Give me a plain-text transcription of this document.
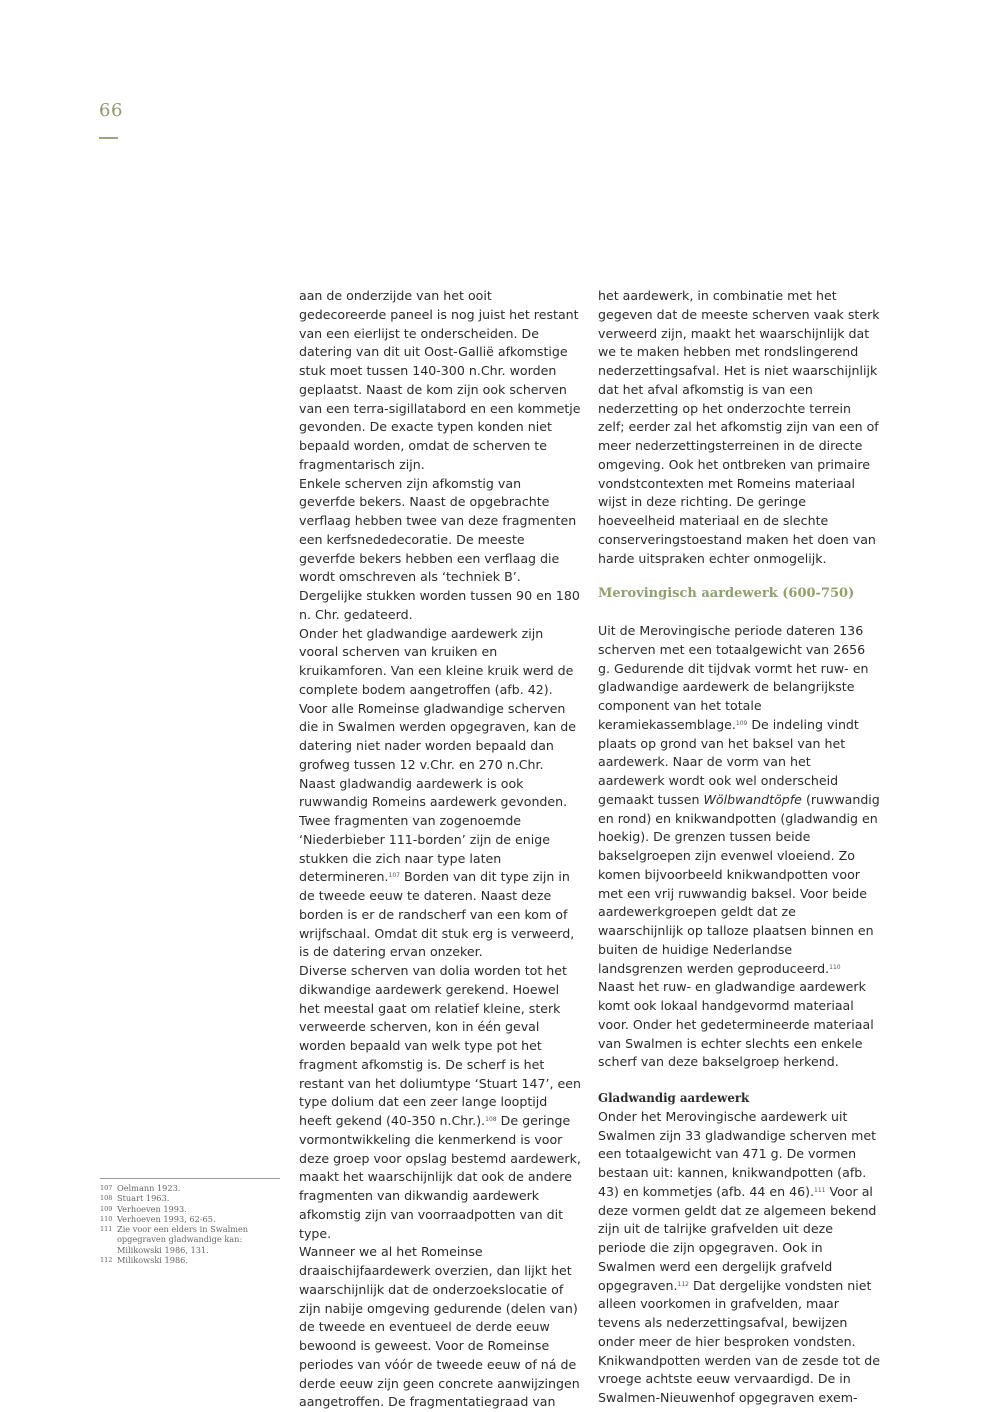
66

aan de onderzijde van het ooit gedecoreerde paneel is nog juist het restant van een eierlijst te onderscheiden. De datering van dit uit Oost-Gallië afkomstige stuk moet tussen 140-300 n.Chr. worden geplaatst. Naast de kom zijn ook scherven van een terra-sigillatabord en een kommetje gevonden. De exacte typen konden niet bepaald worden, omdat de scherven te fragmentarisch zijn.

Enkele scherven zijn afkomstig van geverfde bekers. Naast de opgebrachte verflaag hebben twee van deze fragmenten een kerfsnededecoratie. De meeste geverfde bekers hebben een verflaag die wordt omschreven als ‘techniek B’. Dergelijke stukken worden tussen 90 en 180 n. Chr. gedateerd.

Onder het gladwandige aardewerk zijn vooral scherven van kruiken en kruikamforen. Van een kleine kruik werd de complete bodem aangetroffen (afb. 42). Voor alle Romeinse gladwandige scherven die in Swalmen werden opgegraven, kan de datering niet nader worden bepaald dan grofweg tussen 12 v.Chr. en 270 n.Chr.

Naast gladwandig aardewerk is ook ruwwandig Romeins aardewerk gevonden. Twee fragmenten van zogenoemde ‘Niederbieber 111-borden’ zijn de enige stukken die zich naar type laten determineren.$^{107}$ Borden van dit type zijn in de tweede eeuw te dateren. Naast deze borden is er de randscherf van een kom of wrijfschaal. Omdat dit stuk erg is verweerd, is de datering ervan onzeker.

Diverse scherven van dolia worden tot het dikwandige aardewerk gerekend. Hoewel het meestal gaat om relatief kleine, sterk verweerde scherven, kon in één geval worden bepaald van welk type pot het fragment afkomstig is. De scherf is het restant van het doliumtype ‘Stuart 147’, een type dolium dat een zeer lange looptijd heeft gekend (40-350 n.Chr.).$^{108}$ De geringe vormontwikkeling die kenmerkend is voor deze groep voor opslag bestemd aardewerk, maakt het waarschijnlijk dat ook de andere fragmenten van dikwandig aardewerk afkomstig zijn van voorraadpotten van dit type.

Wanneer we al het Romeinse draaischijfaardewerk overzien, dan lijkt het waarschijnlijk dat de onderzoekslocatie of zijn nabije omgeving gedurende (delen van) de tweede en eventueel de derde eeuw bewoond is geweest. Voor de Romeinse periodes van vóór de tweede eeuw of ná de derde eeuw zijn geen concrete aanwijzingen aangetroffen. De fragmentatiegraad van

het aardewerk, in combinatie met het gegeven dat de meeste scherven vaak sterk verweerd zijn, maakt het waarschijnlijk dat we te maken hebben met rondslingerend nederzettingsafval. Het is niet waarschijnlijk dat het afval afkomstig is van een nederzetting op het onderzochte terrein zelf; eerder zal het afkomstig zijn van een of meer nederzettingsterreinen in de directe omgeving. Ook het ontbreken van primaire vondstcontexten met Romeins materiaal wijst in deze richting. De geringe hoeveelheid materiaal en de slechte conserveringstoestand maken het doen van harde uitspraken echter onmogelijk.

Merovingisch aardewerk (600-750)

Uit de Merovingische periode dateren 136 scherven met een totaalgewicht van 2656 g. Gedurende dit tijdvak vormt het ruw- en gladwandige aardewerk de belangrijkste component van het totale keramiekassemblage.$^{109}$ De indeling vindt plaats op grond van het baksel van het aardewerk. Naar de vorm van het aardewerk wordt ook wel onderscheid gemaakt tussen Wölbwandtöpfe (ruwwandig en rond) en knikwandpotten (gladwandig en hoekig). De grenzen tussen beide bakselgroepen zijn evenwel vloeiend. Zo komen bijvoorbeeld knikwandpotten voor met een vrij ruwwandig baksel. Voor beide aardewerkgroepen geldt dat ze waarschijnlijk op talloze plaatsen binnen en buiten de huidige Nederlandse landsgrenzen werden geproduceerd.$^{110}$ Naast het ruw- en gladwandige aardewerk komt ook lokaal handgevormd materiaal voor. Onder het gedetermineerde materiaal van Swalmen is echter slechts een enkele scherf van deze bakselgroep herkend.

Gladwandig aardewerk

Onder het Merovingische aardewerk uit Swalmen zijn 33 gladwandige scherven met een totaalgewicht van 471 g. De vormen bestaan uit: kannen, knikwandpotten (afb. 43) en kommetjes (afb. 44 en 46).$^{111}$ Voor al deze vormen geldt dat ze algemeen bekend zijn uit de talrijke grafvelden uit deze periode die zijn opgegraven. Ook in Swalmen werd een dergelijk grafveld opgegraven.$^{112}$ Dat dergelijke vondsten niet alleen voorkomen in grafvelden, maar tevens als nederzettingsafval, bewijzen onder meer de hier besproken vondsten. Knikwandpotten werden van de zesde tot de vroege achtste eeuw vervaardigd. De in Swalmen-Nieuwenhof opgegraven exem-

107 Oelmann 1923.
108 Stuart 1963.
109 Verhoeven 1993.
110 Verhoeven 1993, 62-65.
111 Zie voor een elders in Swalmen opgegraven gladwandige kan: Milikowski 1986, 131.
112 Milikowski 1986.
